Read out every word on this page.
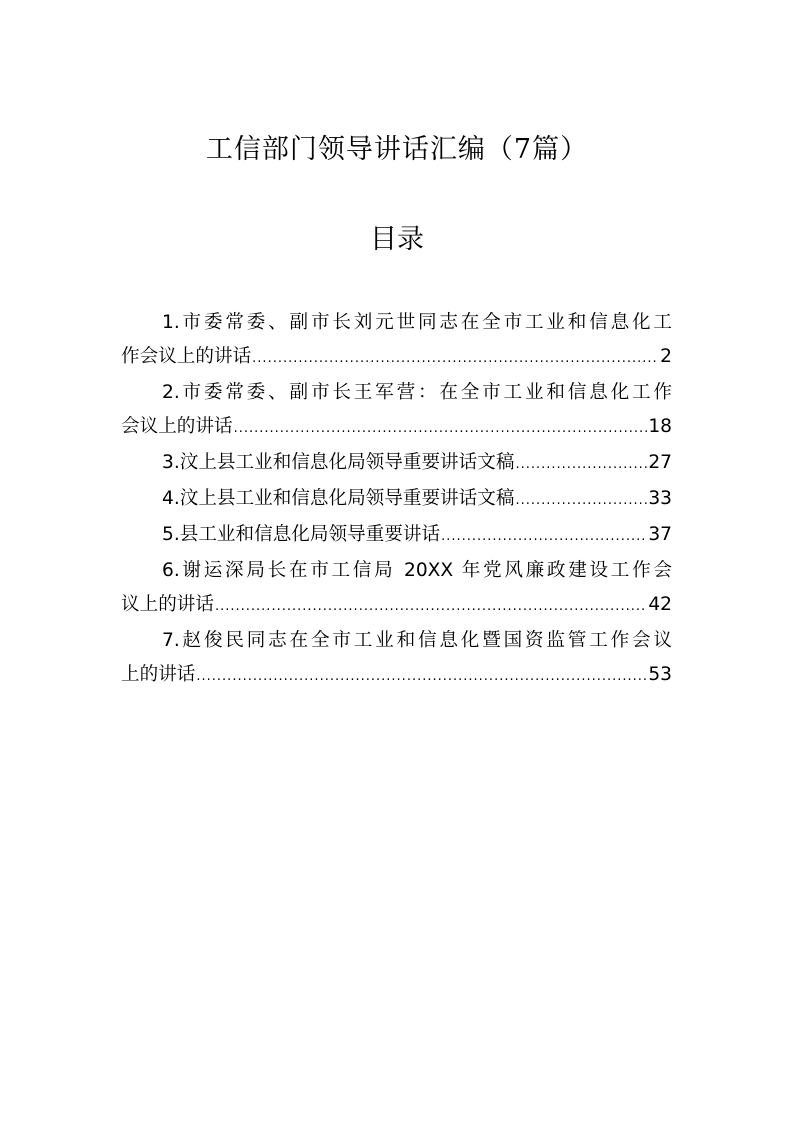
工信部门领导讲话汇编（7篇）
目录
1.市委常委、副市长刘元世同志在全市工业和信息化工
作会议上的讲话 .....	2
2.市委常委、副市长王军营：在全市工业和信息化工作
会议上的讲话 .....	18
3.汶上县工业和信息化局领导重要讲话文稿 .....	27
4.汶上县工业和信息化局领导重要讲话文稿 .....	33
5.县工业和信息化局领导重要讲话 .....	37
6.谢运深局长在市工信局 20XX 年党风廉政建设工作会
议上的讲话 .....	42
7.赵俊民同志在全市工业和信息化暨国资监管工作会议
上的讲话 .....	53
